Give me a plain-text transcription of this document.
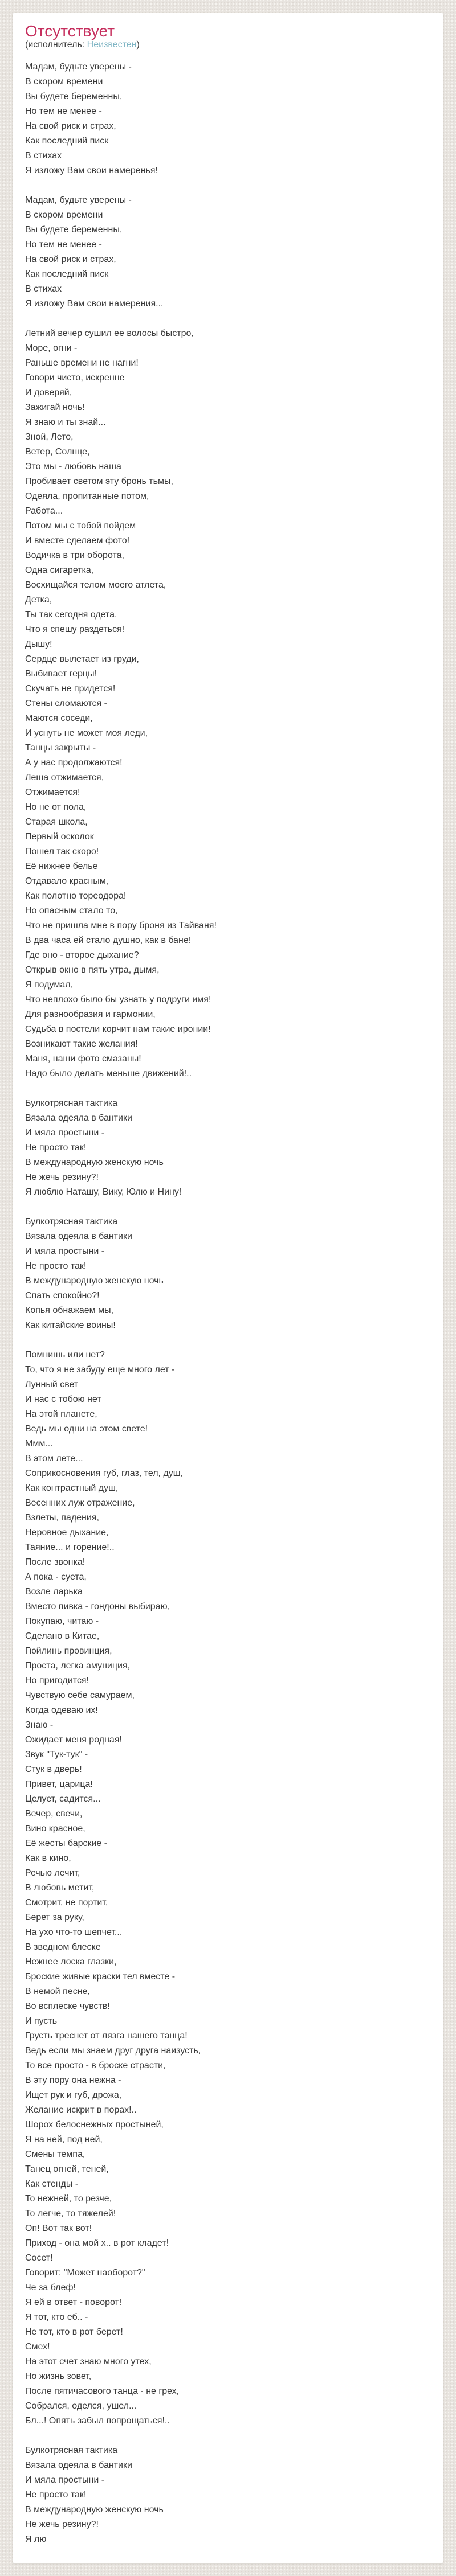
Отсутствует
(исполнитель: Неизвестен)

Мадам, будьте уверены -
В скором времени
Вы будете беременны,
Но тем не менее -
На свой риск и страх,
Как последний писк
В стихах
Я изложу Вам свои намеренья!

Мадам, будьте уверены -
В скором времени
Вы будете беременны,
Но тем не менее -
На свой риск и страх,
Как последний писк
В стихах
Я изложу Вам свои намерения...

Летний вечер сушил ее волосы быстро,
Море, огни -
Раньше времени не нагни!
Говори чисто, искренне
И доверяй,
Зажигай ночь!
Я знаю и ты знай...
Зной, Лето,
Ветер, Солнце,
Это мы - любовь наша
Пробивает светом эту бронь тьмы,
Одеяла, пропитанные потом,
Работа...
Потом мы с тобой пойдем
И вместе сделаем фото!
Водичка в три оборота,
Одна сигаретка,
Восхищайся телом моего атлета,
Детка,
Ты так сегодня одета,
Что я спешу раздеться!
Дышу!
Сердце вылетает из груди,
Выбивает герцы!
Скучать не придется!
Стены сломаются -
Маются соседи,
И уснуть не может моя леди,
Танцы закрыты -
А у нас продолжаются!
Леша отжимается,
Отжимается!
Но не от пола,
Старая школа,
Первый осколок
Пошел так скоро!
Её нижнее белье
Отдавало красным,
Как полотно тореодора!
Но опасным стало то,
Что не пришла мне в пору броня из Тайваня!
В два часа ей стало душно, как в бане!
Где оно - второе дыхание?
Открыв окно в пять утра, дымя,
Я подумал,
Что неплохо было бы узнать у подруги имя!
Для разнообразия и гармонии,
Судьба в постели корчит нам такие иронии!
Возникают такие желания!
Маня, наши фото смазаны!
Надо было делать меньше движений!..

Булкотрясная тактика
Вязала одеяла в бантики
И мяла простыни -
Не просто так!
В международную женскую ночь
Не жечь резину?!
Я люблю Наташу, Вику, Юлю и Нину!

Булкотрясная тактика
Вязала одеяла в бантики
И мяла простыни -
Не просто так!
В международную женскую ночь
Спать спокойно?!
Копья обнажаем мы,
Как китайские воины!

Помнишь или нет?
То, что я не забуду еще много лет -
Лунный свет
И нас с тобою нет
На этой планете,
Ведь мы одни на этом свете!
Ммм...
В этом лете...
Соприкосновения губ, глаз, тел, душ,
Как контрастный душ,
Весенних луж отражение,
Взлеты, падения,
Неровное дыхание,
Таяние... и горение!..
После звонка!
А пока - суета,
Возле ларька
Вместо пивка - гондоны выбираю,
Покупаю, читаю -
Сделано в Китае,
Гюйлинь провинция,
Проста, легка амуниция,
Но пригодится!
Чувствую себе самураем,
Когда одеваю их!
Знаю -
Ожидает меня родная!
Звук "Тук-тук" -
Стук в дверь!
Привет, царица!
Целует, садится...
Вечер, свечи,
Вино красное,
Её жесты барские -
Как в кино,
Речью лечит,
В любовь метит,
Смотрит, не портит,
Берет за руку,
На ухо что-то шепчет...
В зведном блеске
Нежнее лоска глазки,
Броские живые краски тел вместе -
В немой песне,
Во всплеске чувств!
И пусть
Грусть треснет от лязга нашего танца!
Ведь если мы знаем друг друга наизусть,
То все просто - в броске страсти,
В эту пору она нежна -
Ищет рук и губ, дрожа,
Желание искрит в порах!..
Шорох белоснежных простыней,
Я на ней, под ней,
Смены темпа,
Танец огней, теней,
Как стенды -
То нежней, то резче,
То легче, то тяжелей!
Оп! Вот так вот!
Приход - она мой х.. в рот кладет!
Сосет!
Говорит: "Может наоборот?"
Че за блеф!
Я ей в ответ - поворот!
Я тот, кто еб.. -
Не тот, кто в рот берет!
Смех!
На этот счет знаю много утех,
Но жизнь зовет,
После пятичасового танца - не грех,
Собрался, оделся, ушел...
Бл...! Опять забыл попрощаться!..

Булкотрясная тактика
Вязала одеяла в бантики
И мяла простыни -
Не просто так!
В международную женскую ночь
Не жечь резину?!
Я лю
